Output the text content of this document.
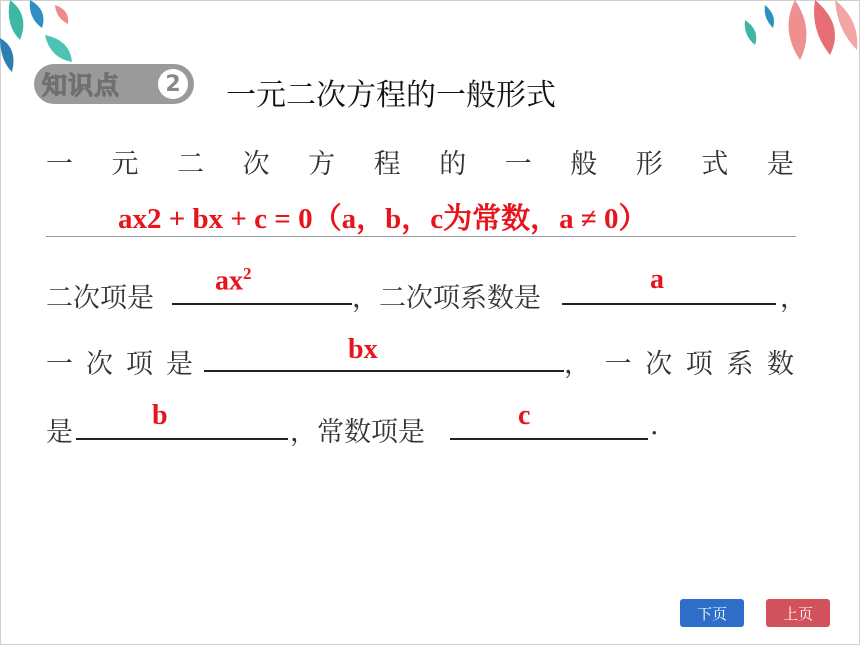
知识点	2 一元二次方程的一般形式
一 元 二 次 方 程 的 一 般 形 式 是
ax2 + bx + c = 0（a，b，c为常数，a ≠ 0）
二次项是
$ax^2$
，二次项系数是
a
，
一 次 项 是	bx	， 一 次 项 系 数
是
b
，常数项是
c	.
下页	上页
